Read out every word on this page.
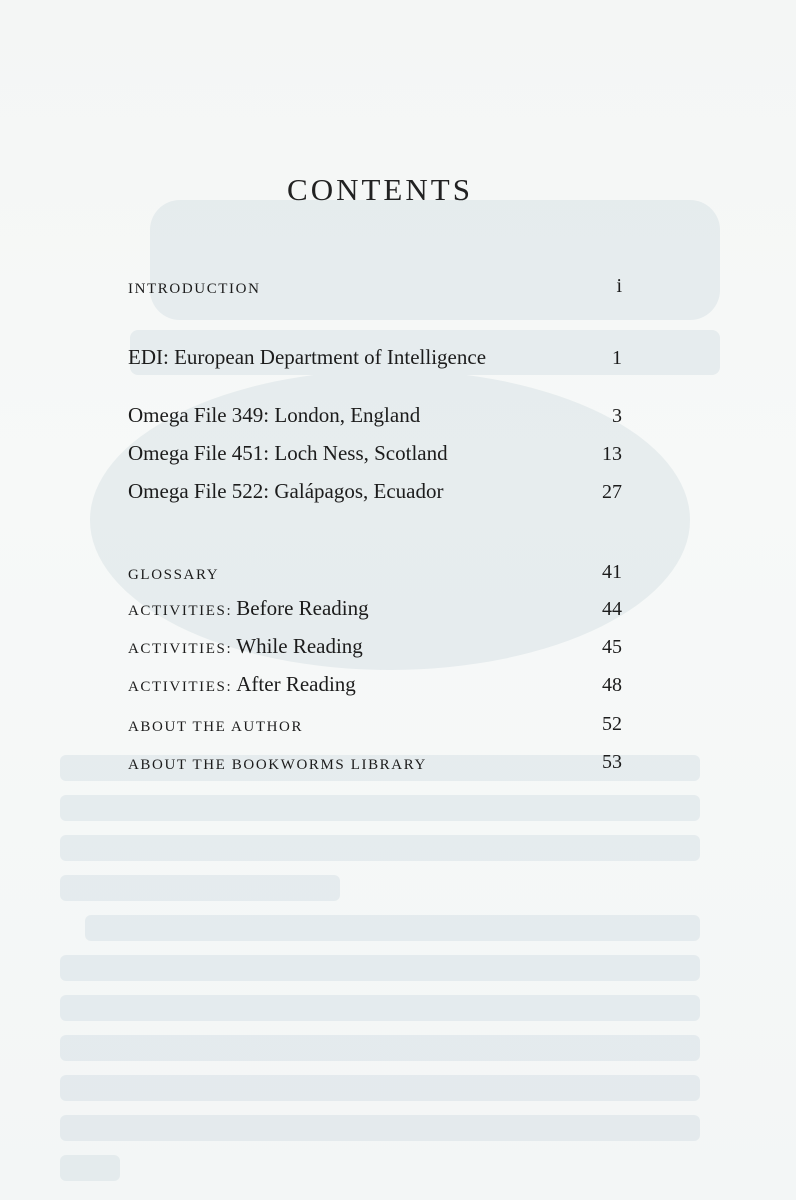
CONTENTS
INTRODUCTION	i
EDI: European Department of Intelligence	1
Omega File 349: London, England	3
Omega File 451: Loch Ness, Scotland	13
Omega File 522: Galápagos, Ecuador	27
GLOSSARY	41
ACTIVITIES: Before Reading	44
ACTIVITIES: While Reading	45
ACTIVITIES: After Reading	48
ABOUT THE AUTHOR	52
ABOUT THE BOOKWORMS LIBRARY	53
